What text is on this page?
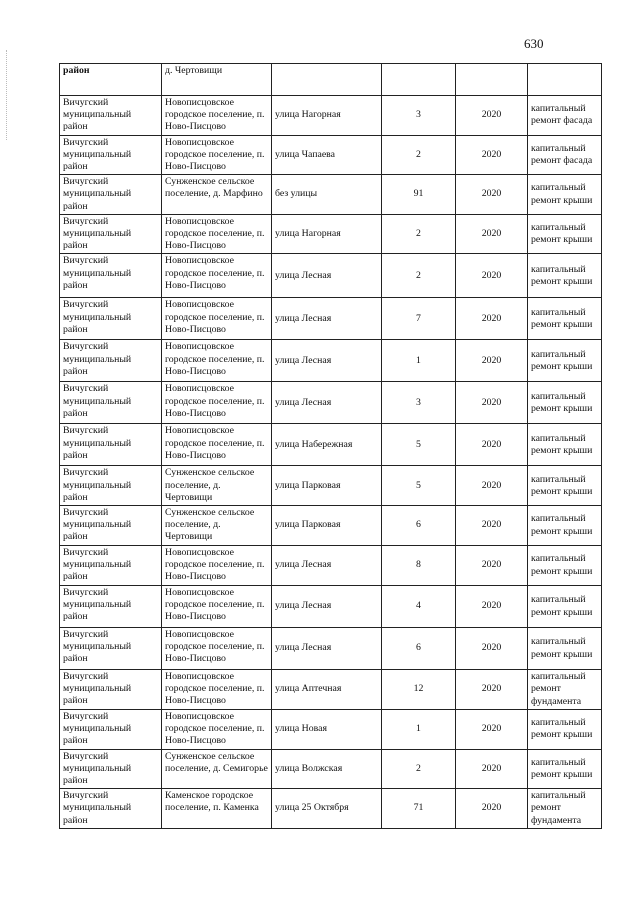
630
район	д. Чертовищи				
Вичугский муниципальный район	Новописцовское городское поселение, п. Ново-Писцово	улица Нагорная	3	2020	капитальный ремонт фасада
Вичугский муниципальный район	Новописцовское городское поселение, п. Ново-Писцово	улица Чапаева	2	2020	капитальный ремонт фасада
Вичугский муниципальный район	Сунженское сельское поселение, д. Марфино	без улицы	91	2020	капитальный ремонт крыши
Вичугский муниципальный район	Новописцовское городское поселение, п. Ново-Писцово	улица Нагорная	2	2020	капитальный ремонт крыши
Вичугский муниципальный район	Новописцовское городское поселение, п. Ново-Писцово	улица Лесная	2	2020	капитальный ремонт крыши
Вичугский муниципальный район	Новописцовское городское поселение, п. Ново-Писцово	улица Лесная	7	2020	капитальный ремонт крыши
Вичугский муниципальный район	Новописцовское городское поселение, п. Ново-Писцово	улица Лесная	1	2020	капитальный ремонт крыши
Вичугский муниципальный район	Новописцовское городское поселение, п. Ново-Писцово	улица Лесная	3	2020	капитальный ремонт крыши
Вичугский муниципальный район	Новописцовское городское поселение, п. Ново-Писцово	улица Набережная	5	2020	капитальный ремонт крыши
Вичугский муниципальный район	Сунженское сельское поселение, д. Чертовищи	улица Парковая	5	2020	капитальный ремонт крыши
Вичугский муниципальный район	Сунженское сельское поселение, д. Чертовищи	улица Парковая	6	2020	капитальный ремонт крыши
Вичугский муниципальный район	Новописцовское городское поселение, п. Ново-Писцово	улица Лесная	8	2020	капитальный ремонт крыши
Вичугский муниципальный район	Новописцовское городское поселение, п. Ново-Писцово	улица Лесная	4	2020	капитальный ремонт крыши
Вичугский муниципальный район	Новописцовское городское поселение, п. Ново-Писцово	улица Лесная	6	2020	капитальный ремонт крыши
Вичугский муниципальный район	Новописцовское городское поселение, п. Ново-Писцово	улица Аптечная	12	2020	капитальный ремонт фундамента
Вичугский муниципальный район	Новописцовское городское поселение, п. Ново-Писцово	улица Новая	1	2020	капитальный ремонт крыши
Вичугский муниципальный район	Сунженское сельское поселение, д. Семигорье	улица Волжская	2	2020	капитальный ремонт крыши
Вичугский муниципальный район	Каменское городское поселение, п. Каменка	улица 25 Октября	71	2020	капитальный ремонт фундамента
